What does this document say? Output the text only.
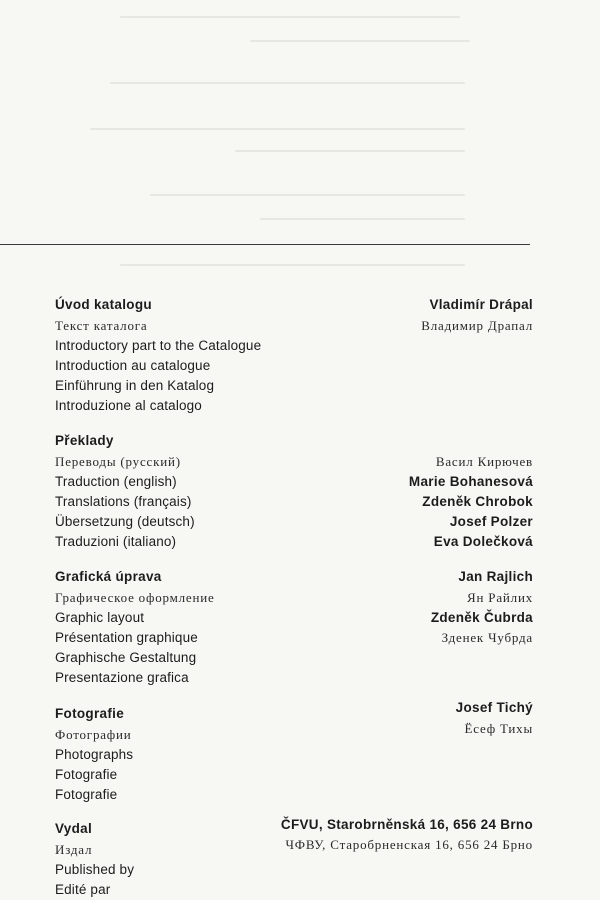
Úvod katalogu
Текст каталога
Introductory part to the Catalogue
Introduction au catalogue
Einführung in den Katalog
Introduzione al catalogo
Vladimír Drápal
Владимир Драпал
Překlady
Переводы (русский)
Traduction (english)
Translations (français)
Übersetzung (deutsch)
Traduzioni (italiano)
Васил Кирючев
Marie Bohanesová
Zdeněk Chrobok
Josef Polzer
Eva Dolečková
Grafická úprava
Графическое оформление
Graphic layout
Présentation graphique
Graphische Gestaltung
Presentazione grafica
Jan Rajlich
Ян Райлих
Zdeněk Čubrda
Зденек Чубрда
Fotografie
Фотографии
Photographs
Fotografie
Fotografie
Josef Tichý
Ёсеф Тихы
Vydal
Издал
Published by
Edité par
ČFVU, Starobrněnská 16, 656 24 Brno
ЧФВУ, Старобрненская 16, 656 24 Брно
